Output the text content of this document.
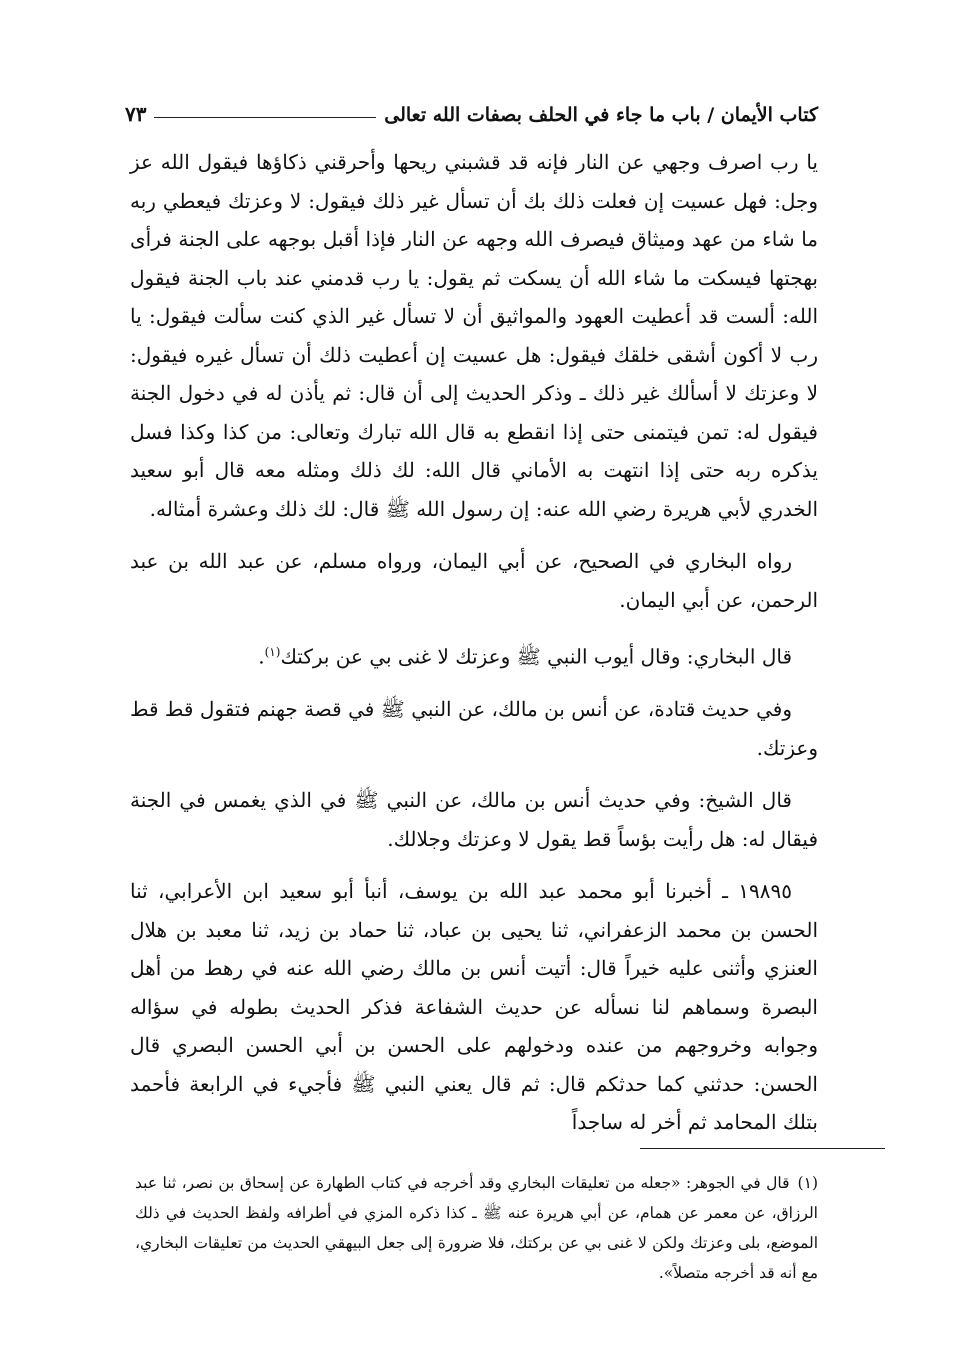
كتاب الأيمان / باب ما جاء في الحلف بصفات الله تعالى
٧٣

يا رب اصرف وجهي عن النار فإنه قد قشبني ريحها وأحرقني ذكاؤها فيقول الله عز وجل: فهل عسيت إن فعلت ذلك بك أن تسأل غير ذلك فيقول: لا وعزتك فيعطي ربه ما شاء من عهد وميثاق فيصرف الله وجهه عن النار فإذا أقبل بوجهه على الجنة فرأى بهجتها فيسكت ما شاء الله أن يسكت ثم يقول: يا رب قدمني عند باب الجنة فيقول الله: ألست قد أعطيت العهود والمواثيق أن لا تسأل غير الذي كنت سألت فيقول: يا رب لا أكون أشقى خلقك فيقول: هل عسيت إن أعطيت ذلك أن تسأل غيره فيقول: لا وعزتك لا أسألك غير ذلك ـ وذكر الحديث إلى أن قال: ثم يأذن له في دخول الجنة فيقول له: تمن فيتمنى حتى إذا انقطع به قال الله تبارك وتعالى: من كذا وكذا فسل يذكره ربه حتى إذا انتهت به الأماني قال الله: لك ذلك ومثله معه قال أبو سعيد الخدري لأبي هريرة رضي الله عنه: إن رسول الله ﷺ قال: لك ذلك وعشرة أمثاله.

رواه البخاري في الصحيح، عن أبي اليمان، ورواه مسلم، عن عبد الله بن عبد الرحمن، عن أبي اليمان.

قال البخاري: وقال أيوب النبي ﷺ وعزتك لا غنى بي عن بركتك$^{(١)}$.

وفي حديث قتادة، عن أنس بن مالك، عن النبي ﷺ في قصة جهنم فتقول قط قط وعزتك.

قال الشيخ: وفي حديث أنس بن مالك، عن النبي ﷺ في الذي يغمس في الجنة فيقال له: هل رأيت بؤساً قط يقول لا وعزتك وجلالك.

١٩٨٩٥ ـ أخبرنا أبو محمد عبد الله بن يوسف، أنبأ أبو سعيد ابن الأعرابي، ثنا الحسن بن محمد الزعفراني، ثنا يحيى بن عباد، ثنا حماد بن زيد، ثنا معبد بن هلال العنزي وأثنى عليه خيراً قال: أتيت أنس بن مالك رضي الله عنه في رهط من أهل البصرة وسماهم لنا نسأله عن حديث الشفاعة فذكر الحديث بطوله في سؤاله وجوابه وخروجهم من عنده ودخولهم على الحسن بن أبي الحسن البصري قال الحسن: حدثني كما حدثكم قال: ثم قال يعني النبي ﷺ فأجيء في الرابعة فأحمد بتلك المحامد ثم أخر له ساجداً

(١)قال في الجوهر: «جعله من تعليقات البخاري وقد أخرجه في كتاب الطهارة عن إسحاق بن نصر، ثنا عبد الرزاق، عن معمر عن همام، عن أبي هريرة عنه ﷺ ـ كذا ذكره المزي في أطرافه ولفظ الحديث في ذلك الموضع، بلى وعزتك ولكن لا غنى بي عن بركتك، فلا ضرورة إلى جعل البيهقي الحديث من تعليقات البخاري، مع أنه قد أخرجه متصلاً».
